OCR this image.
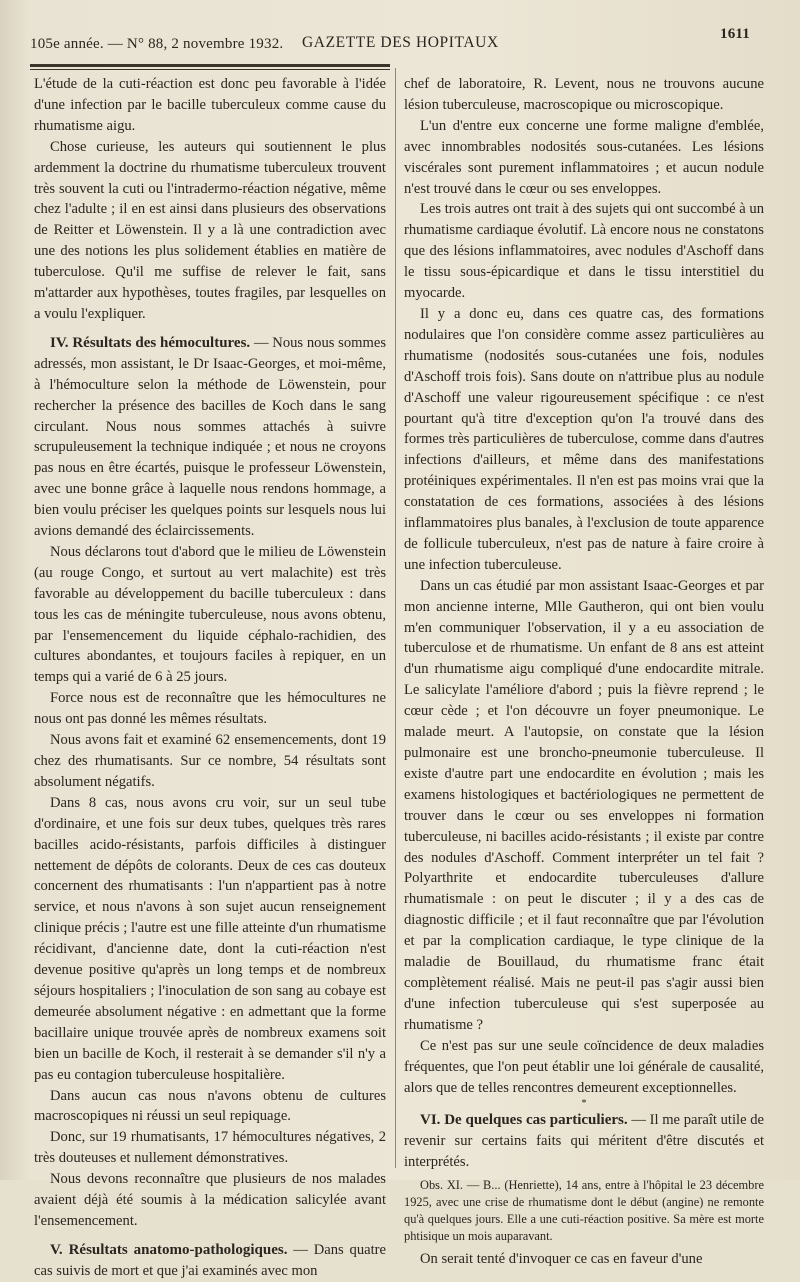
105e année. — N° 88, 2 novembre 1932. GAZETTE DES HOPITAUX	1611

L'étude de la cuti-réaction est donc peu favorable à l'idée d'une infection par le bacille tuberculeux comme cause du rhumatisme aigu.

Chose curieuse, les auteurs qui soutiennent le plus ardemment la doctrine du rhumatisme tuberculeux trouvent très souvent la cuti ou l'intradermo-réaction négative, même chez l'adulte ; il en est ainsi dans plusieurs des observations de Reitter et Löwenstein. Il y a là une contradiction avec une des notions les plus solidement établies en matière de tuberculose. Qu'il me suffise de relever le fait, sans m'attarder aux hypothèses, toutes fragiles, par lesquelles on a voulu l'expliquer.

IV. Résultats des hémocultures. — Nous nous sommes adressés, mon assistant, le Dr Isaac-Georges, et moi-même, à l'hémoculture selon la méthode de Löwenstein, pour rechercher la présence des bacilles de Koch dans le sang circulant. Nous nous sommes attachés à suivre scrupuleusement la technique indiquée ; et nous ne croyons pas nous en être écartés, puisque le professeur Löwenstein, avec une bonne grâce à laquelle nous rendons hommage, a bien voulu préciser les quelques points sur lesquels nous lui avions demandé des éclaircissements.

Nous déclarons tout d'abord que le milieu de Löwenstein (au rouge Congo, et surtout au vert malachite) est très favorable au développement du bacille tuberculeux : dans tous les cas de méningite tuberculeuse, nous avons obtenu, par l'ensemencement du liquide céphalo-rachidien, des cultures abondantes, et toujours faciles à repiquer, en un temps qui a varié de 6 à 25 jours.

Force nous est de reconnaître que les hémocultures ne nous ont pas donné les mêmes résultats.

Nous avons fait et examiné 62 ensemencements, dont 19 chez des rhumatisants. Sur ce nombre, 54 résultats sont absolument négatifs.

Dans 8 cas, nous avons cru voir, sur un seul tube d'ordinaire, et une fois sur deux tubes, quelques très rares bacilles acido-résistants, parfois difficiles à distinguer nettement de dépôts de colorants. Deux de ces cas douteux concernent des rhumatisants : l'un n'appartient pas à notre service, et nous n'avons à son sujet aucun renseignement clinique précis ; l'autre est une fille atteinte d'un rhumatisme récidivant, d'ancienne date, dont la cuti-réaction n'est devenue positive qu'après un long temps et de nombreux séjours hospitaliers ; l'inoculation de son sang au cobaye est demeurée absolument négative : en admettant que la forme bacillaire unique trouvée après de nombreux examens soit bien un bacille de Koch, il resterait à se demander s'il n'y a pas eu contagion tuberculeuse hospitalière.

Dans aucun cas nous n'avons obtenu de cultures macroscopiques ni réussi un seul repiquage.

Donc, sur 19 rhumatisants, 17 hémocultures négatives, 2 très douteuses et nullement démonstratives.

Nous devons reconnaître que plusieurs de nos malades avaient déjà été soumis à la médication salicylée avant l'ensemencement.

V. Résultats anatomo-pathologiques. — Dans quatre cas suivis de mort et que j'ai examinés avec mon

chef de laboratoire, R. Levent, nous ne trouvons aucune lésion tuberculeuse, macroscopique ou microscopique.

L'un d'entre eux concerne une forme maligne d'emblée, avec innombrables nodosités sous-cutanées. Les lésions viscérales sont purement inflammatoires ; et aucun nodule n'est trouvé dans le cœur ou ses enveloppes.

Les trois autres ont trait à des sujets qui ont succombé à un rhumatisme cardiaque évolutif. Là encore nous ne constatons que des lésions inflammatoires, avec nodules d'Aschoff dans le tissu sous-épicardique et dans le tissu interstitiel du myocarde.

Il y a donc eu, dans ces quatre cas, des formations nodulaires que l'on considère comme assez particulières au rhumatisme (nodosités sous-cutanées une fois, nodules d'Aschoff trois fois). Sans doute on n'attribue plus au nodule d'Aschoff une valeur rigoureusement spécifique : ce n'est pourtant qu'à titre d'exception qu'on l'a trouvé dans des formes très particulières de tuberculose, comme dans d'autres infections d'ailleurs, et même dans des manifestations protéiniques expérimentales. Il n'en est pas moins vrai que la constatation de ces formations, associées à des lésions inflammatoires plus banales, à l'exclusion de toute apparence de follicule tuberculeux, n'est pas de nature à faire croire à une infection tuberculeuse.

Dans un cas étudié par mon assistant Isaac-Georges et par mon ancienne interne, Mlle Gautheron, qui ont bien voulu m'en communiquer l'observation, il y a eu association de tuberculose et de rhumatisme. Un enfant de 8 ans est atteint d'un rhumatisme aigu compliqué d'une endocardite mitrale. Le salicylate l'améliore d'abord ; puis la fièvre reprend ; le cœur cède ; et l'on découvre un foyer pneumonique. Le malade meurt. A l'autopsie, on constate que la lésion pulmonaire est une broncho-pneumonie tuberculeuse. Il existe d'autre part une endocardite en évolution ; mais les examens histologiques et bactériologiques ne permettent de trouver dans le cœur ou ses enveloppes ni formation tuberculeuse, ni bacilles acido-résistants ; il existe par contre des nodules d'Aschoff. Comment interpréter un tel fait ? Polyarthrite et endocardite tuberculeuses d'allure rhumatismale : on peut le discuter ; il y a des cas de diagnostic difficile ; et il faut reconnaître que par l'évolution et par la complication cardiaque, le type clinique de la maladie de Bouillaud, du rhumatisme franc était complètement réalisé. Mais ne peut-il pas s'agir aussi bien d'une infection tuberculeuse qui s'est superposée au rhumatisme ?

Ce n'est pas sur une seule coïncidence de deux maladies fréquentes, que l'on peut établir une loi générale de causalité, alors que de telles rencontres demeurent exceptionnelles.

*

VI. De quelques cas particuliers. — Il me paraît utile de revenir sur certains faits qui méritent d'être discutés et interprétés.

Obs. XI. — B... (Henriette), 14 ans, entre à l'hôpital le 23 décembre 1925, avec une crise de rhumatisme dont le début (angine) ne remonte qu'à quelques jours. Elle a une cuti-réaction positive. Sa mère est morte phtisique un mois auparavant.

On serait tenté d'invoquer ce cas en faveur d'une
